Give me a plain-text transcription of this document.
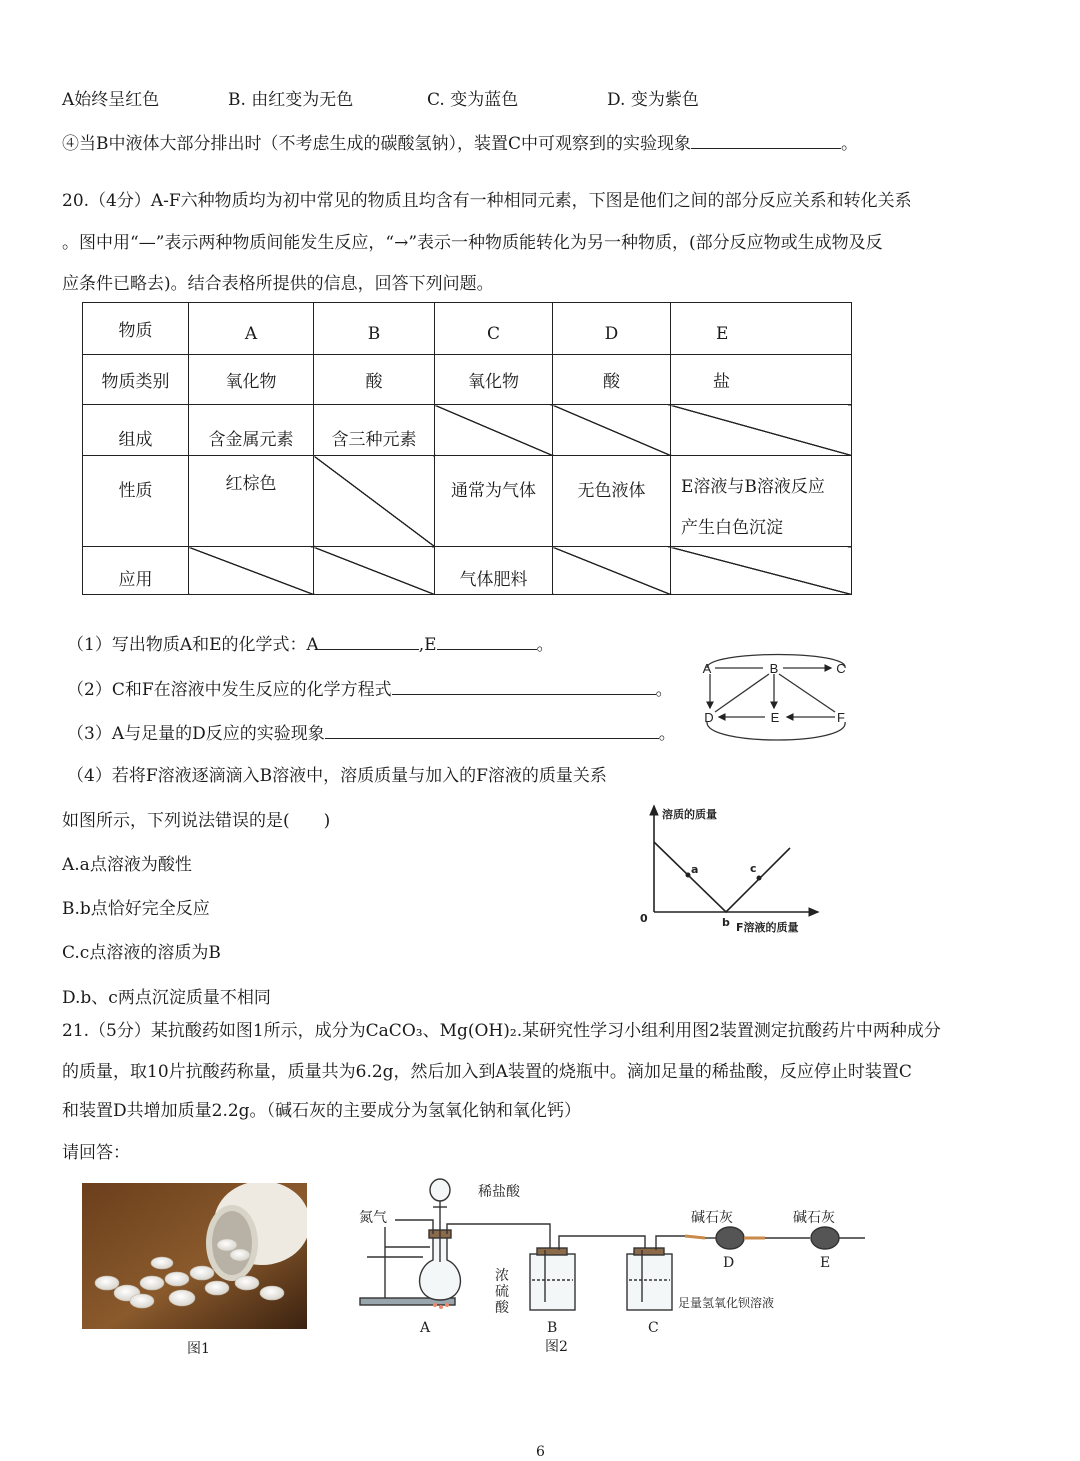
A始终呈红色	B. 由红变为无色	C. 变为蓝色	D. 变为紫色
④当B中液体大部分排出时（不考虑生成的碳酸氢钠），装置C中可观察到的实验现象	。
20.（4分）A-F六种物质均为初中常见的物质且均含有一种相同元素，下图是他们之间的部分反应关系和转化关系
。图中用“—”表示两种物质间能发生反应，“→”表示一种物质能转化为另一种物质，(部分反应物或生成物及反
应条件已略去)。结合表格所提供的信息，回答下列问题。
物质	A	B	C	D	E
物质类别	氧化物	酸	氧化物	酸	盐
组成	含金属元素	含三种元素			
性质	红棕色		通常为气体	无色液体	E溶液与B溶液反应
产生白色沉淀

应用			气体肥料		
（1）写出物质A和E的化学式：A	,E	。
（2）C和F在溶液中发生反应的化学方程式	。
（3）A与足量的D反应的实验现象	。
（4）若将F溶液逐滴滴入B溶液中，溶质质量与加入的F溶液的质量关系
如图所示，下列说法错误的是(　　)
A.a点溶液为酸性
B.b点恰好完全反应
C.c点溶液的溶质为B
D.b、c两点沉淀质量不相同
A	B	C
D	E	F
溶质的质量
0
a
b
c
F溶液的质量
21.（5分）某抗酸药如图1所示，成分为CaCO₃、Mg(OH)₂.某研究性学习小组利用图2装置测定抗酸药片中两种成分
的质量，取10片抗酸药称量，质量共为6.2g，然后加入到A装置的烧瓶中。滴加足量的稀盐酸，反应停止时装置C
和装置D共增加质量2.2g。（碱石灰的主要成分为氢氧化钠和氧化钙）
请回答：
图1
稀盐酸
氮气	碱石灰	碱石灰
浓
硫
酸	足量氢氧化钡溶液
A	B	C
D	E
图2
6
